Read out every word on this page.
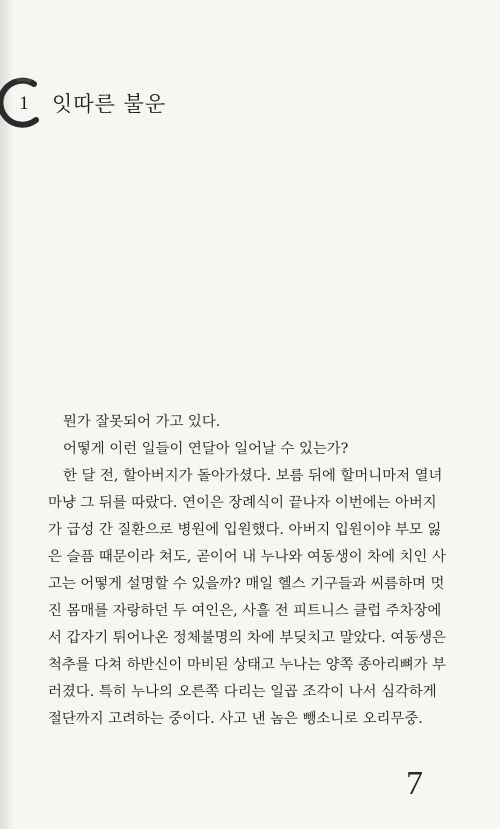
1 잇따른 불운

뭔가 잘못되어 가고 있다.

어떻게 이런 일들이 연달아 일어날 수 있는가?

한 달 전, 할아버지가 돌아가셨다. 보름 뒤에 할머니마저 열녀
마냥 그 뒤를 따랐다. 연이은 장례식이 끝나자 이번에는 아버지
가 급성 간 질환으로 병원에 입원했다. 아버지 입원이야 부모 잃
은 슬픔 때문이라 쳐도, 곧이어 내 누나와 여동생이 차에 치인 사
고는 어떻게 설명할 수 있을까? 매일 헬스 기구들과 씨름하며 멋
진 몸매를 자랑하던 두 여인은, 사흘 전 피트니스 클럽 주차장에
서 갑자기 튀어나온 정체불명의 차에 부딪치고 말았다. 여동생은
척추를 다쳐 하반신이 마비된 상태고 누나는 양쪽 종아리뼈가 부
러졌다. 특히 누나의 오른쪽 다리는 일곱 조각이 나서 심각하게
절단까지 고려하는 중이다. 사고 낸 놈은 뺑소니로 오리무중.

7
